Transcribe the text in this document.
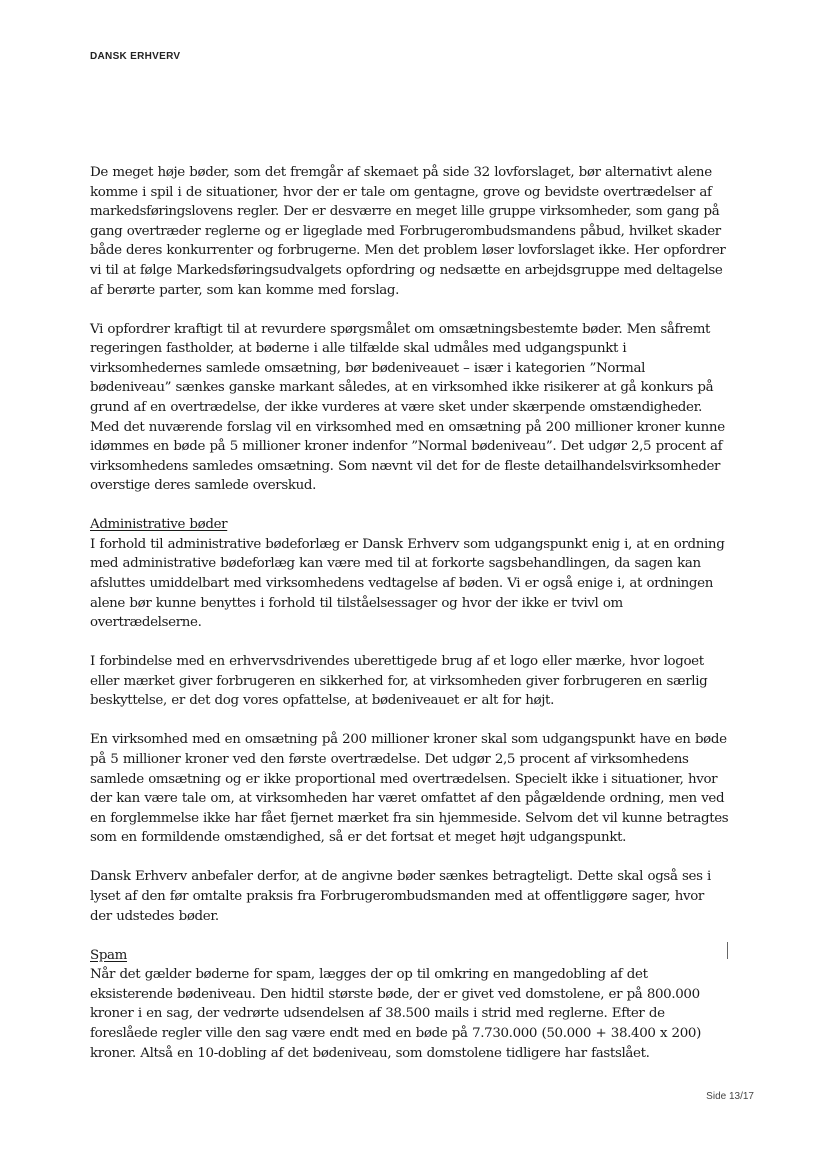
DANSK ERHVERV

De meget høje bøder, som det fremgår af skemaet på side 32 lovforslaget, bør alternativt alene komme i spil i de situationer, hvor der er tale om gentagne, grove og bevidste overtrædelser af markedsføringslovens regler. Der er desværre en meget lille gruppe virksomheder, som gang på gang overtræder reglerne og er ligeglade med Forbrugerombudsmandens påbud, hvilket skader både deres konkurrenter og forbrugerne. Men det problem løser lovforslaget ikke. Her opfordrer vi til at følge Markedsføringsudvalgets opfordring og nedsætte en arbejdsgruppe med deltagelse af berørte parter, som kan komme med forslag.

Vi opfordrer kraftigt til at revurdere spørgsmålet om omsætningsbestemte bøder. Men såfremt regeringen fastholder, at bøderne i alle tilfælde skal udmåles med udgangspunkt i virksomhedernes samlede omsætning, bør bødeniveauet – især i kategorien ”Normal bødeniveau” sænkes ganske markant således, at en virksomhed ikke risikerer at gå konkurs på grund af en overtrædelse, der ikke vurderes at være sket under skærpende omstændigheder. Med det nuværende forslag vil en virksomhed med en omsætning på 200 millioner kroner kunne idømmes en bøde på 5 millioner kroner indenfor ”Normal bødeniveau”. Det udgør 2,5 procent af virksomhedens samledes omsætning. Som nævnt vil det for de fleste detailhandelsvirksomheder overstige deres samlede overskud.

Administrative bøder

I forhold til administrative bødeforlæg er Dansk Erhverv som udgangspunkt enig i, at en ordning med administrative bødeforlæg kan være med til at forkorte sagsbehandlingen, da sagen kan afsluttes umiddelbart med virksomhedens vedtagelse af bøden. Vi er også enige i, at ordningen alene bør kunne benyttes i forhold til tilståelsessager og hvor der ikke er tvivl om overtrædelserne.

I forbindelse med en erhvervsdrivendes uberettigede brug af et logo eller mærke, hvor logoet eller mærket giver forbrugeren en sikkerhed for, at virksomheden giver forbrugeren en særlig beskyttelse, er det dog vores opfattelse, at bødeniveauet er alt for højt.

En virksomhed med en omsætning på 200 millioner kroner skal som udgangspunkt have en bøde på 5 millioner kroner ved den første overtrædelse. Det udgør 2,5 procent af virksomhedens samlede omsætning og er ikke proportional med overtrædelsen. Specielt ikke i situationer, hvor der kan være tale om, at virksomheden har været omfattet af den pågældende ordning, men ved en forglemmelse ikke har fået fjernet mærket fra sin hjemmeside. Selvom det vil kunne betragtes som en formildende omstændighed, så er det fortsat et meget højt udgangspunkt.

Dansk Erhverv anbefaler derfor, at de angivne bøder sænkes betragteligt. Dette skal også ses i lyset af den før omtalte praksis fra Forbrugerombudsmanden med at offentliggøre sager, hvor der udstedes bøder.

Spam

Når det gælder bøderne for spam, lægges der op til omkring en mangedobling af det eksisterende bødeniveau. Den hidtil største bøde, der er givet ved domstolene, er på 800.000 kroner i en sag, der vedrørte udsendelsen af 38.500 mails i strid med reglerne. Efter de foreslåede regler ville den sag være endt med en bøde på 7.730.000 (50.000 + 38.400 x 200) kroner. Altså en 10-dobling af det bødeniveau, som domstolene tidligere har fastslået.

Side 13/17
